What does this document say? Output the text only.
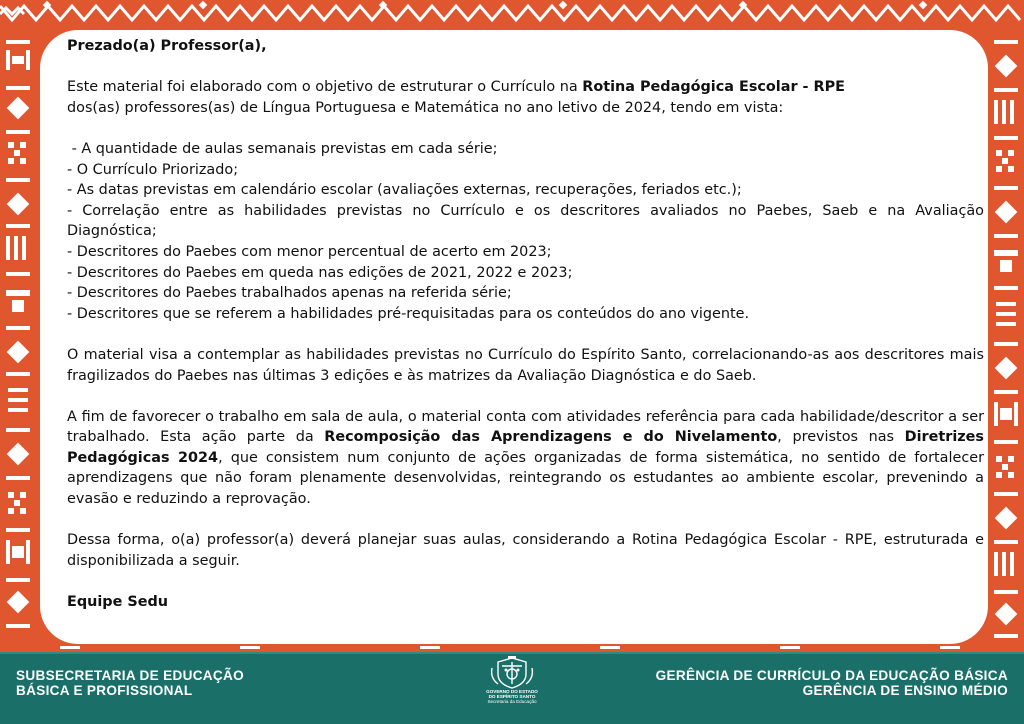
Prezado(a) Professor(a),

Este material foi elaborado com o objetivo de estruturar o Currículo na Rotina Pedagógica Escolar - RPE
dos(as) professores(as) de Língua Portuguesa e Matemática no ano letivo de 2024, tendo em vista:

- A quantidade de aulas semanais previstas em cada série;
- O Currículo Priorizado;
- As datas previstas em calendário escolar (avaliações externas, recuperações, feriados etc.);
- Correlação entre as habilidades previstas no Currículo e os descritores avaliados no Paebes, Saeb e na Avaliação Diagnóstica;
- Descritores do Paebes com menor percentual de acerto em 2023;
- Descritores do Paebes em queda nas edições de 2021, 2022 e 2023;
- Descritores do Paebes trabalhados apenas na referida série;
- Descritores que se referem a habilidades pré-requisitadas para os conteúdos do ano vigente.

O material visa a contemplar as habilidades previstas no Currículo do Espírito Santo, correlacionando-as aos descritores mais fragilizados do Paebes nas últimas 3 edições e às matrizes da Avaliação Diagnóstica e do Saeb.

A fim de favorecer o trabalho em sala de aula, o material conta com atividades referência para cada habilidade/descritor a ser trabalhado. Esta ação parte da Recomposição das Aprendizagens e do Nivelamento, previstos nas Diretrizes Pedagógicas 2024, que consistem num conjunto de ações organizadas de forma sistemática, no sentido de fortalecer aprendizagens que não foram plenamente desenvolvidas, reintegrando os estudantes ao ambiente escolar, prevenindo a evasão e reduzindo a reprovação.

Dessa forma, o(a) professor(a) deverá planejar suas aulas, considerando a Rotina Pedagógica Escolar - RPE, estruturada e disponibilizada a seguir.

Equipe Sedu

SUBSECRETARIA DE EDUCAÇÃO
BÁSICA E PROFISSIONAL	GOVERNO DO ESTADO
DO ESPÍRITO SANTO
Secretaria da Educação
GERÊNCIA DE CURRÍCULO DA EDUCAÇÃO BÁSICA
GERÊNCIA DE ENSINO MÉDIO
